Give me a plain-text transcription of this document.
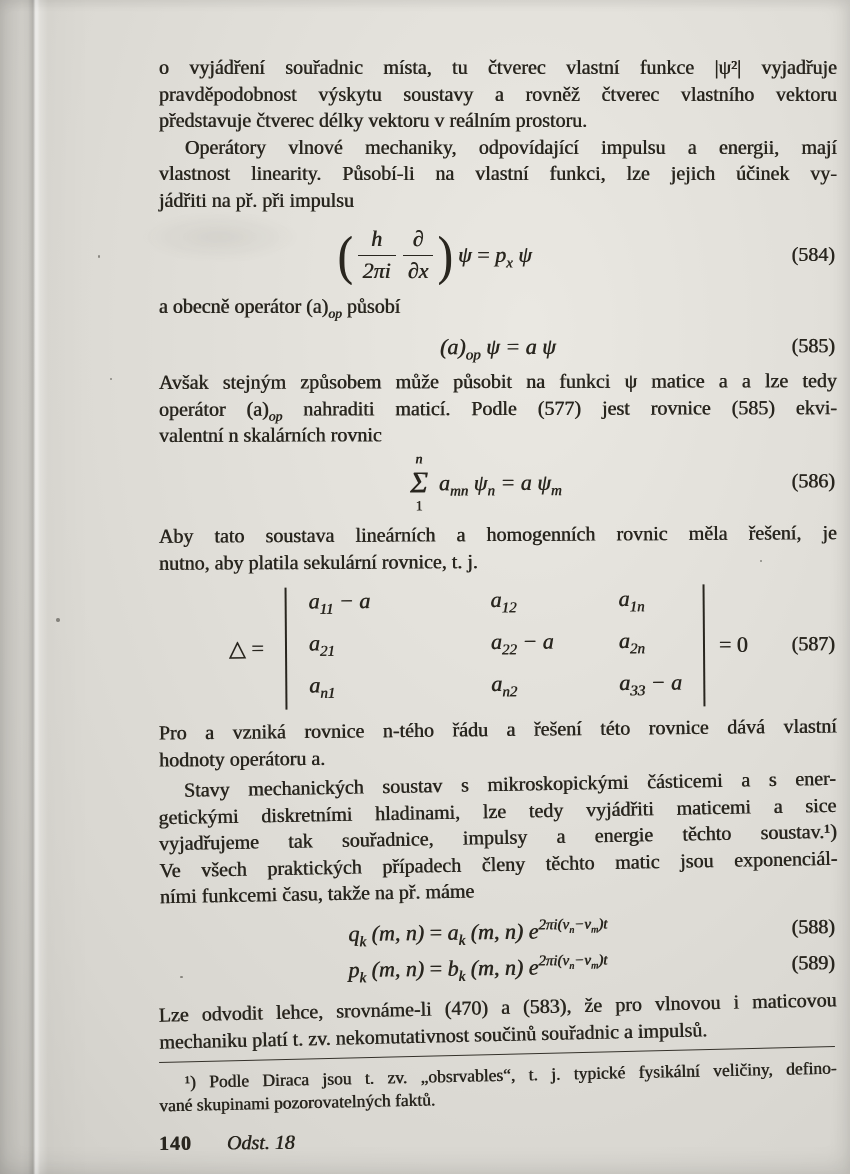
o vyjádření souřadnic místa, tu čtverec vlastní funkce |ψ²| vyjadřuje
pravděpodobnost výskytu soustavy a rovněž čtverec vlastního vektoru
představuje čtverec délky vektoru v reálním prostoru.

Operátory vlnové mechaniky, odpovídající impulsu a energii, mají
vlastnost linearity. Působí-li na vlastní funkci, lze jejich účinek vy-
jádřiti na př. při impulsu

( $\frac{h}{2\pi i} \frac{\partial}{\partial x}$ ) $\psi = p_x$ ψ	(584)

a obecně operátor $(a)_{op}$ působí

$(a)_{op}$ ψ = a ψ	(585)

Avšak stejným způsobem může působit na funkci ψ matice a a lze tedy
operátor $(a)_{op}$ nahraditi maticí. Podle (577) jest rovnice (585) ekvi-
valentní n skalárních rovnic

n
Σ
1
$a_{mn}$ $\psi_n = a$ $\psi_m$	(586)

Aby tato soustava lineárních a homogenních rovnic měla řešení, je
nutno, aby platila sekulární rovnice, t. j.

△ =
$a_{11} - a$	$a_{12}$	$a_{1n}$
$a_{21}$	$a_{22} - a$	$a_{2n}$
$a_{n1}$	$a_{n2}$	$a_{33} - a$
= 0 (587)

Pro a vzniká rovnice n-tého řádu a řešení této rovnice dává vlastní
hodnoty operátoru a.

Stavy mechanických soustav s mikroskopickými částicemi a s ener-
getickými diskretními hladinami, lze tedy vyjádřiti maticemi a sice
vyjadřujeme tak souřadnice, impulsy a energie těchto soustav.¹)
Ve všech praktických případech členy těchto matic jsou exponenciál-
ními funkcemi času, takže na př. máme

$q_k$ (m, $n) = a_k$ (m, n) $e^{2\pi i(\nu_n-\nu_m)t}$	(588)
$p_k$ (m, $n) = b_k$ (m, n) $e^{2\pi i(\nu_n-\nu_m)t}$	(589)

Lze odvodit lehce, srovnáme-li (470) a (583), že pro vlnovou i maticovou
mechaniku platí t. zv. nekomutativnost součinů souřadnic a impulsů.

¹) Podle Diraca jsou t. zv. „obsrvables“, t. j. typické fysikální veličiny, defino-
vané skupinami pozorovatelných faktů.

140 Odst. 18
